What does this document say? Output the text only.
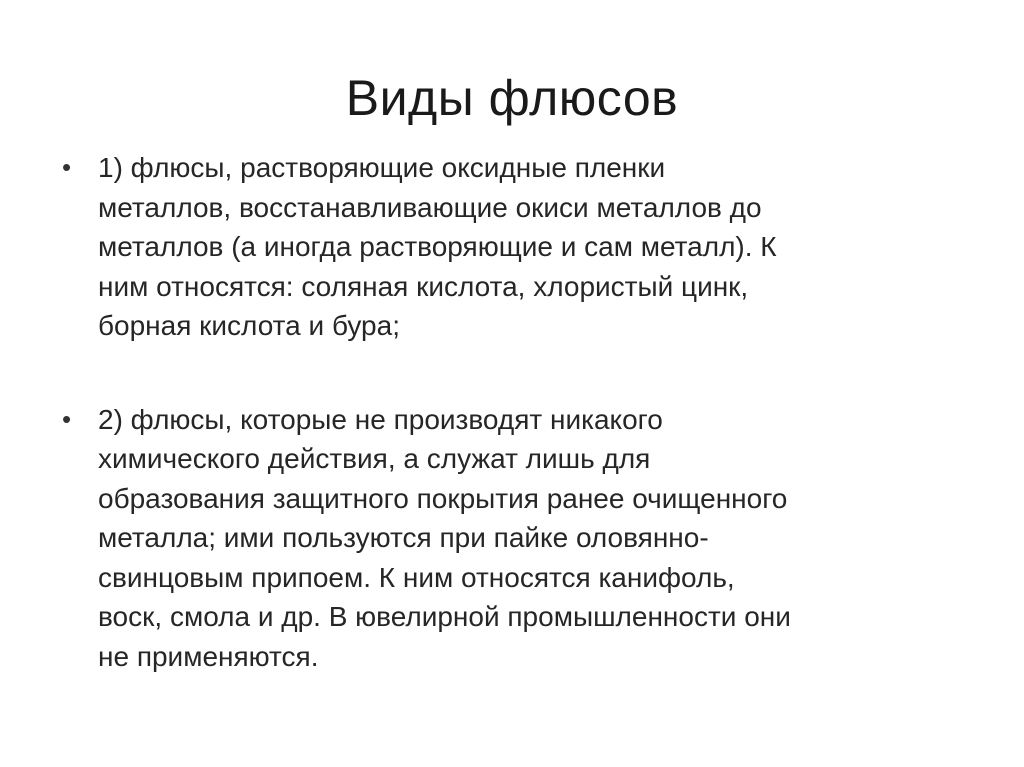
Виды флюсов
• 1) флюсы, растворяющие оксидные пленки
металлов, восстанавливающие окиси металлов до
металлов (а иногда растворяющие и сам металл). К
ним относятся: соляная кислота, хлористый цинк,
борная кислота и бура;
• 2) флюсы, которые не производят никакого
химического действия, а служат лишь для
образования защитного покрытия ранее очищенного
металла; ими пользуются при пайке оловянно-
свинцовым припоем. К ним относятся канифоль,
воск, смола и др. В ювелирной промышленности они
не применяются.
